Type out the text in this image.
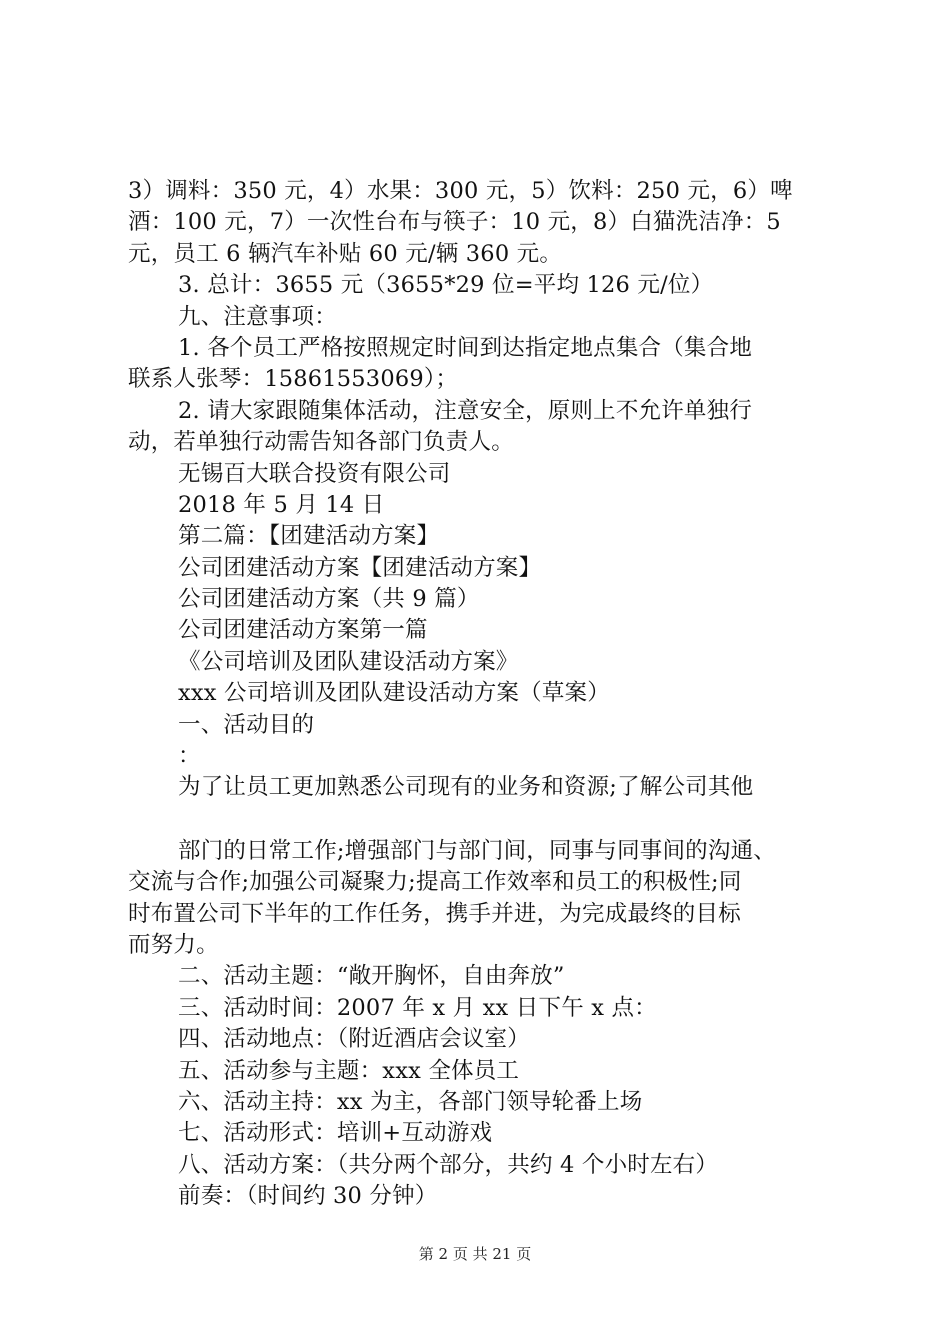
3）调料：350 元，4）水果：300 元，5）饮料：250 元，6）啤
酒：100 元，7）一次性台布与筷子：10 元，8）白猫洗洁净：5
元，员工 6 辆汽车补贴 60 元/辆 360 元。
3. 总计：3655 元（3655*29 位=平均 126 元/位）
九、注意事项：
1. 各个员工严格按照规定时间到达指定地点集合（集合地
联系人张琴：15861553069）；
2. 请大家跟随集体活动，注意安全，原则上不允许单独行
动，若单独行动需告知各部门负责人。
无锡百大联合投资有限公司
2018 年 5 月 14 日
第二篇：【团建活动方案】
公司团建活动方案【团建活动方案】
公司团建活动方案（共 9 篇）
公司团建活动方案第一篇
《公司培训及团队建设活动方案》
xxx 公司培训及团队建设活动方案（草案）
一、活动目的
：
为了让员工更加熟悉公司现有的业务和资源;了解公司其他
部门的日常工作;增强部门与部门间，同事与同事间的沟通、
交流与合作;加强公司凝聚力;提高工作效率和员工的积极性;同
时布置公司下半年的工作任务，携手并进，为完成最终的目标
而努力。
二、活动主题：“敞开胸怀，自由奔放”
三、活动时间：2007 年 x 月 xx 日下午 x 点：
四、活动地点：（附近酒店会议室）
五、活动参与主题：xxx 全体员工
六、活动主持：xx 为主，各部门领导轮番上场
七、活动形式：培训+互动游戏
八、活动方案：（共分两个部分，共约 4 个小时左右）
前奏：（时间约 30 分钟）
第 2 页 共 21 页
